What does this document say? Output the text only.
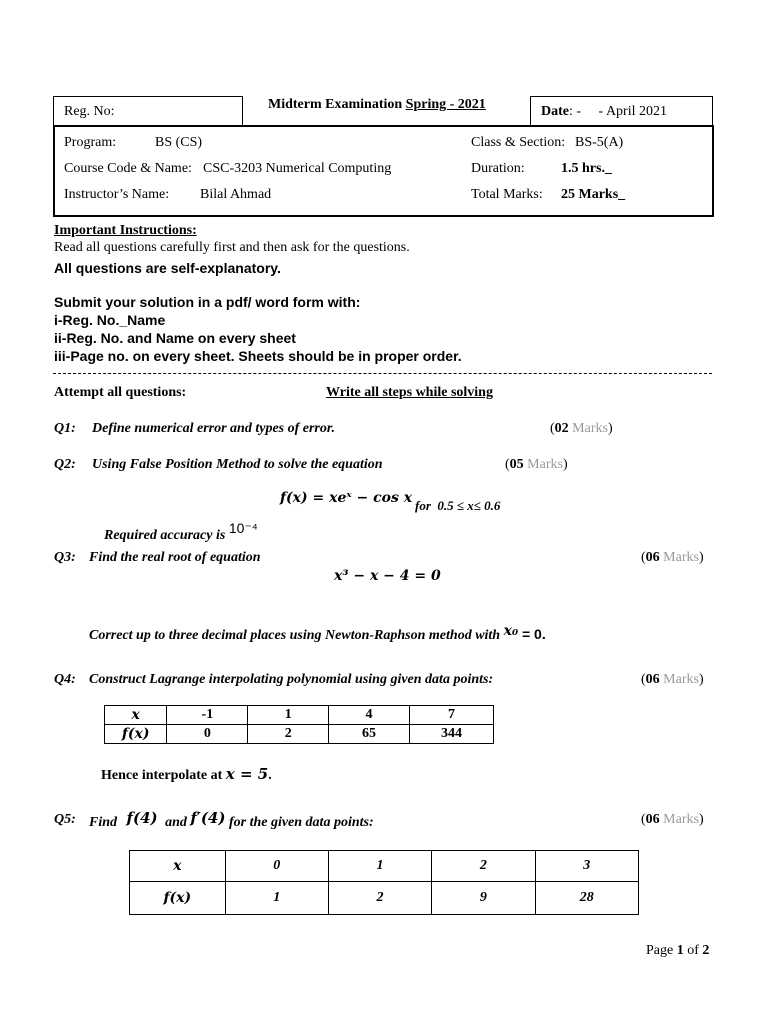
Reg. No:	Midterm Examination Spring - 2021	Date: -     - April 2021
Program:	BS (CS)
Course Code & Name: CSC-3203 Numerical Computing
Instructor’s Name: Bilal Ahmad
Class & Section: BS-5(A)
Duration:	1.5 hrs._
Total Marks: 25 Marks_
Important Instructions:
Read all questions carefully first and then ask for the questions.
All questions are self-explanatory.
Submit your solution in a pdf/ word form with:
i-Reg. No._Name
ii-Reg. No. and Name on every sheet
iii-Page no. on every sheet. Sheets should be in proper order.
Attempt all questions:	Write all steps while solving
Q1: Define numerical error and types of error.	(02 Marks)
Q2: Using False Position Method to solve the equation	(05 Marks)
f(x) = xeˣ − cos x for  0.5 ≤ x≤ 0.6
Required accuracy is 10⁻⁴
Q3: Find the real root of equation	(06 Marks)
x³ − x − 4 = 0
Correct up to three decimal places using Newton-Raphson method with x₀ = 0.
Q4: Construct Lagrange interpolating polynomial using given data points:	(06 Marks)
x	-1	1	4	7
f(x)	0	2	65	344
Hence interpolate at x = 5.
Q5: Find f(4) and f′(4) for the given data points:	(06 Marks)
x	0	1	2	3
f(x)	1	2	9	28
Page 1 of 2
